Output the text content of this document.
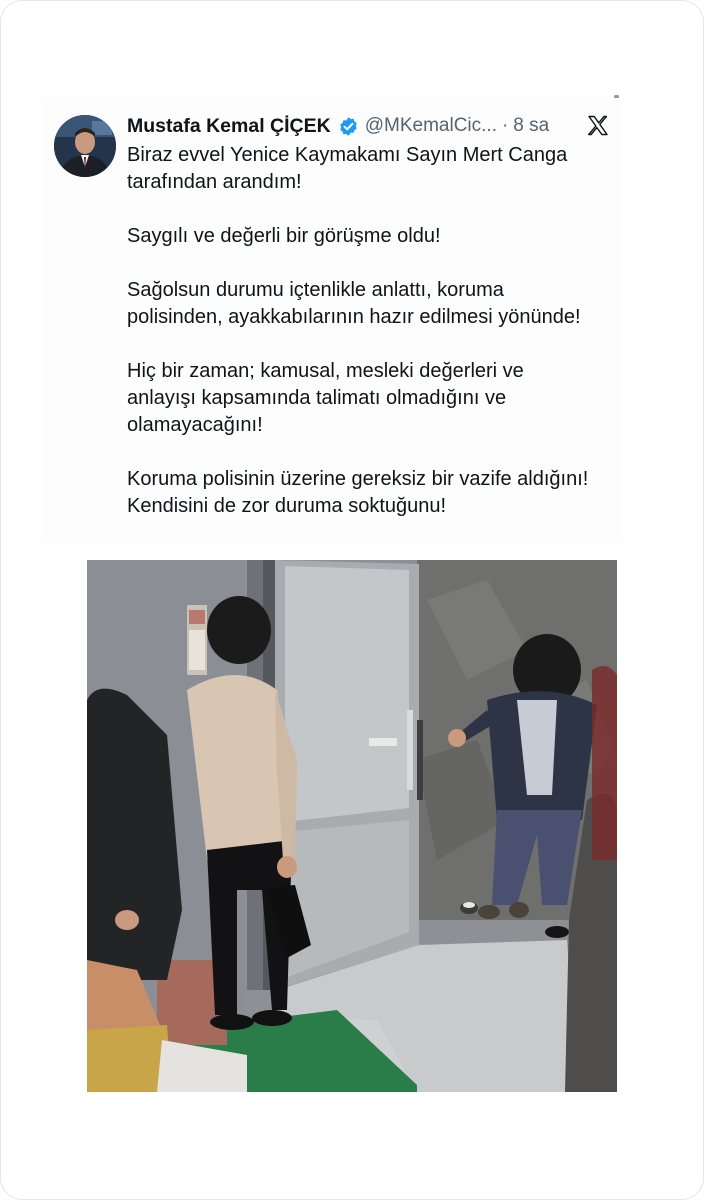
Mustafa Kemal ÇİÇEK @MKemalCic... · 8 sa

Biraz evvel Yenice Kaymakamı Sayın Mert Canga
tarafından arandım!

Saygılı ve değerli bir görüşme oldu!

Sağolsun durumu içtenlikle anlattı, koruma
polisinden, ayakkabılarının hazır edilmesi yönünde!

Hiç bir zaman; kamusal, mesleki değerleri ve
anlayışı kapsamında talimatı olmadığını ve
olamayacağını!

Koruma polisinin üzerine gereksiz bir vazife aldığını!
Kendisini de zor duruma soktuğunu!
